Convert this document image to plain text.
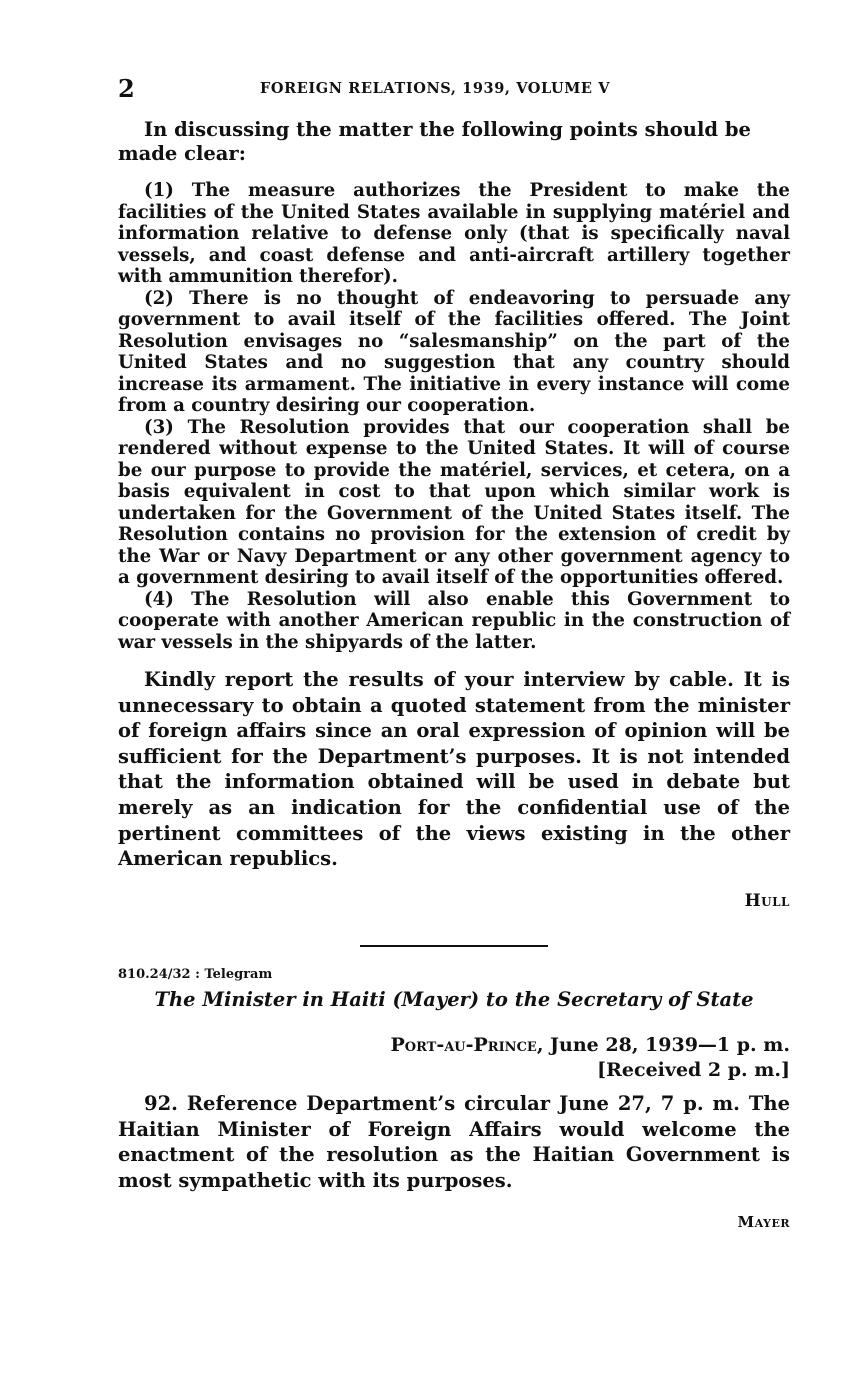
2	FOREIGN RELATIONS, 1939, VOLUME V

In discussing the matter the following points should be made clear:

(1) The measure authorizes the President to make the facilities of the United States available in supplying matériel and information relative to defense only (that is specifically naval vessels, and coast defense and anti-aircraft artillery together with ammunition therefor).

(2) There is no thought of endeavoring to persuade any government to avail itself of the facilities offered. The Joint Resolution envisages no “salesmanship” on the part of the United States and no suggestion that any country should increase its armament. The initiative in every instance will come from a country desiring our cooperation.

(3) The Resolution provides that our cooperation shall be rendered without expense to the United States. It will of course be our purpose to provide the matériel, services, et cetera, on a basis equivalent in cost to that upon which similar work is undertaken for the Government of the United States itself. The Resolution contains no provision for the extension of credit by the War or Navy Department or any other government agency to a government desiring to avail itself of the opportunities offered.

(4) The Resolution will also enable this Government to cooperate with another American republic in the construction of war vessels in the shipyards of the latter.

Kindly report the results of your interview by cable. It is unnecessary to obtain a quoted statement from the minister of foreign affairs since an oral expression of opinion will be sufficient for the Department’s purposes. It is not intended that the information obtained will be used in debate but merely as an indication for the confidential use of the pertinent committees of the views existing in the other American republics.

Hull
810.24/32 : Telegram
The Minister in Haiti (Mayer) to the Secretary of State
Port-au-Prince, June 28, 1939—1 p. m.
[Received 2 p. m.]

92. Reference Department’s circular June 27, 7 p. m. The Haitian Minister of Foreign Affairs would welcome the enactment of the resolution as the Haitian Government is most sympathetic with its purposes.

Mayer
